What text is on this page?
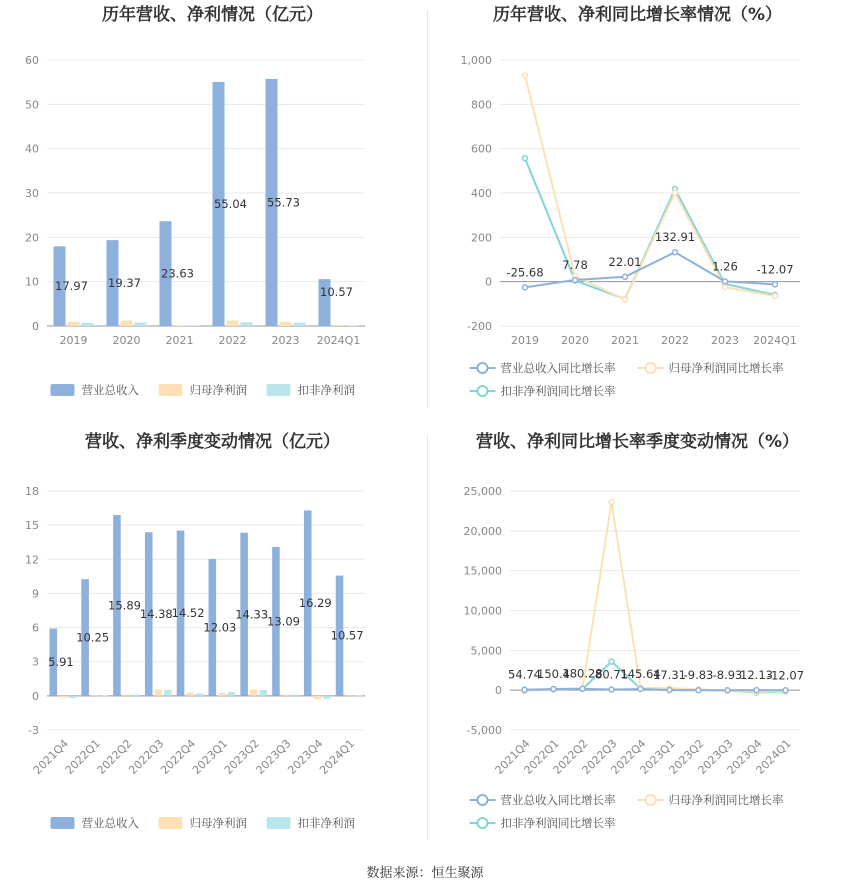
历年营收、净利情况（亿元）
0
10
20
30
40
50
60
2019 2020 2021 2022 2023 2024Q1
17.97 19.37
23.63
55.04 55.73
10.57
营业总收入	归母净利润	扣非净利润
历年营收、净利同比增长率情况（%）
-200
0
200
400
600
800
1,000
2019 2020 2021 2022 2023 2024Q1
-25.68
7.78 22.01
132.91
1.26 -12.07
营业总收入同比增长率	归母净利润同比增长率
扣非净利润同比增长率
营收、净利季度变动情况（亿元）
-3
0
3
6
9
12
15
18
2021Q4
2022Q1
2022Q2
2022Q3
2022Q4
2023Q1
2023Q2
2023Q3
2023Q4
2024Q1
5.91
10.25
15.89
14.38
14.52
12.03
14.33
13.09
16.29
10.57
营业总收入	归母净利润	扣非净利润
营收、净利同比增长率季度变动情况（%）
-5,000
0
5,000
10,000
15,000
20,000
25,000
2021Q4
2022Q1
2022Q2
2022Q3
2022Q4
2023Q1
2023Q2
2023Q3
2023Q4
2024Q1
54.74
150.4
180.28
80.71
145.64
17.31
-9.83 -8.93
12.13
-12.07
营业总收入同比增长率	归母净利润同比增长率
扣非净利润同比增长率
数据来源：恒生聚源
